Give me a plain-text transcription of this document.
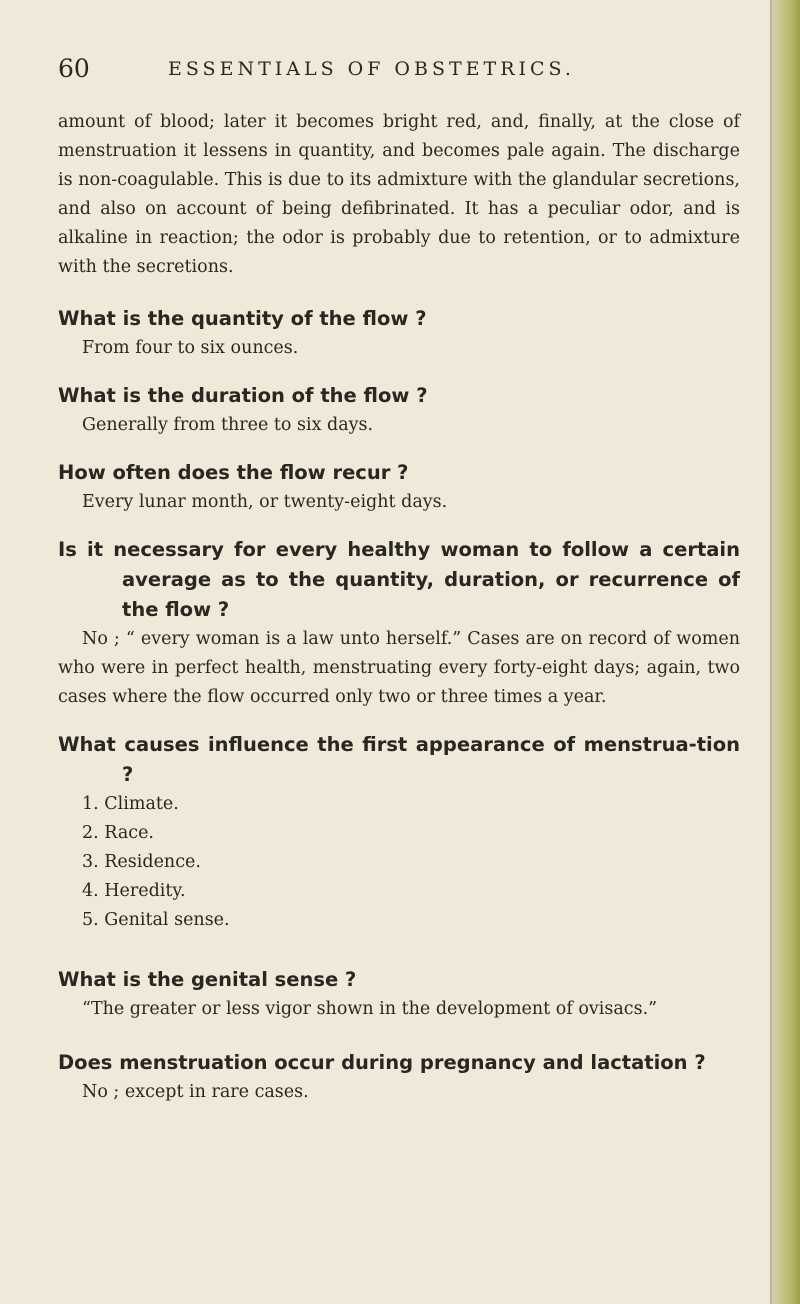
60	ESSENTIALS OF OBSTETRICS.

amount of blood; later it becomes bright red, and, finally, at the close of menstruation it lessens in quantity, and becomes pale again. The discharge is non-coagulable. This is due to its admixture with the glandular secretions, and also on account of being defibrinated. It has a peculiar odor, and is alkaline in reaction; the odor is probably due to retention, or to admixture with the secretions.

What is the quantity of the flow ?

From four to six ounces.

What is the duration of the flow ?

Generally from three to six days.

How often does the flow recur ?

Every lunar month, or twenty-eight days.

Is it necessary for every healthy woman to follow a certain average as to the quantity, duration, or recurrence of the flow ?

No ; “ every woman is a law unto herself.” Cases are on record of women who were in perfect health, menstruating every forty-eight days; again, two cases where the flow occurred only two or three times a year.

What causes influence the first appearance of menstrua-tion ?

1. Climate.
2. Race.
3. Residence.
4. Heredity.
5. Genital sense.

What is the genital sense ?

“The greater or less vigor shown in the development of ovisacs.”

Does menstruation occur during pregnancy and lactation ?

No ; except in rare cases.
